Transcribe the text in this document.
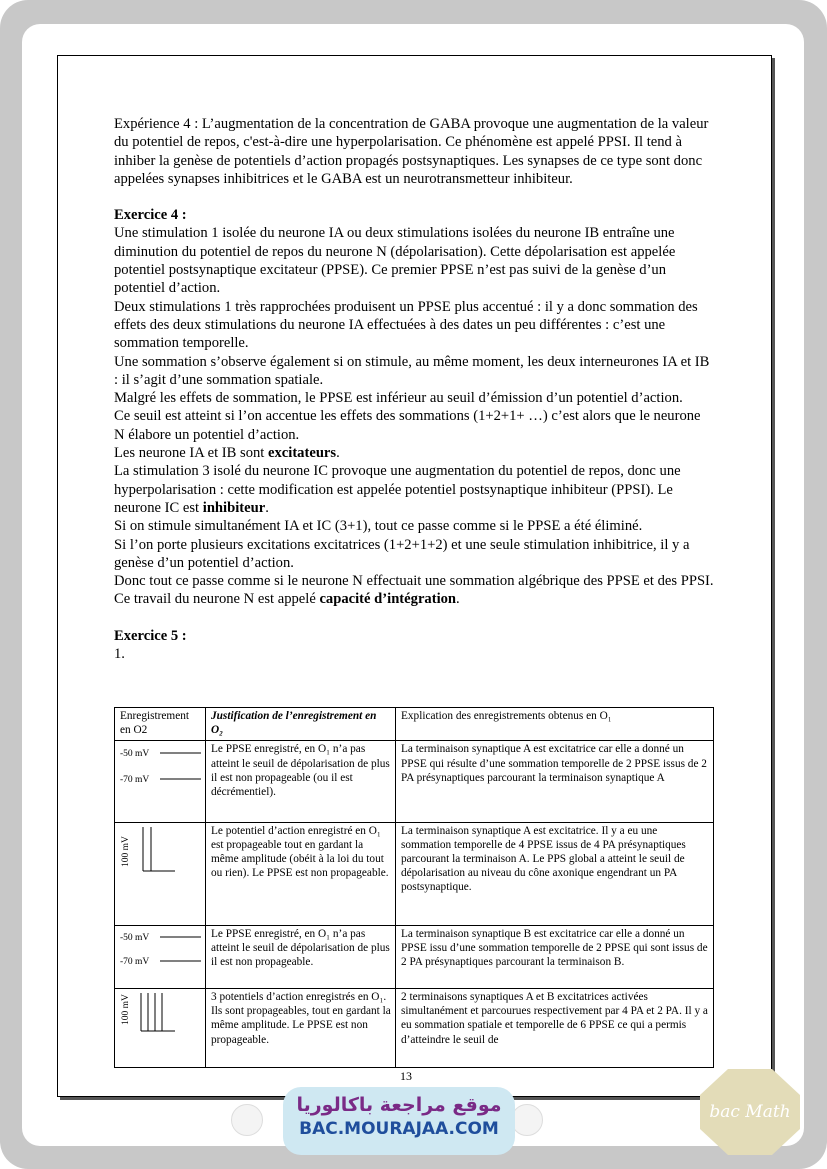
Expérience 4 : L’augmentation de la concentration de GABA provoque une augmentation de la valeur du potentiel de repos, c'est-à-dire une hyperpolarisation. Ce phénomène est appelé PPSI. Il tend à inhiber la genèse de potentiels d’action propagés postsynaptiques. Les synapses de ce type sont donc appelées synapses inhibitrices et le GABA est un neurotransmetteur inhibiteur.

Exercice 4 :

Une stimulation 1 isolée du neurone IA ou deux stimulations isolées du neurone IB entraîne une diminution du potentiel de repos du neurone N (dépolarisation). Cette dépolarisation est appelée potentiel postsynaptique excitateur (PPSE). Ce premier PPSE n’est pas suivi de la genèse d’un potentiel d’action.

Deux stimulations 1 très rapprochées produisent un PPSE plus accentué : il y a donc sommation des effets des deux stimulations du neurone IA effectuées à des dates un peu différentes : c’est une sommation temporelle.

Une sommation s’observe également si on stimule, au même moment, les deux interneurones IA et IB : il s’agit d’une sommation spatiale.

Malgré les effets de sommation, le PPSE est inférieur au seuil d’émission d’un potentiel d’action.

Ce seuil est atteint si l’on accentue les effets des sommations (1+2+1+ …) c’est alors que le neurone N élabore un potentiel d’action.

Les neurone IA et IB sont excitateurs.

La stimulation 3 isolé du neurone IC provoque une augmentation du potentiel de repos, donc une hyperpolarisation : cette modification est appelée potentiel postsynaptique inhibiteur (PPSI). Le neurone IC est inhibiteur.

Si on stimule simultanément IA et IC (3+1), tout ce passe comme si le PPSE a été éliminé.

Si l’on porte plusieurs excitations excitatrices (1+2+1+2) et une seule stimulation inhibitrice, il y a genèse d’un potentiel d’action.

Donc tout ce passe comme si le neurone N effectuait une sommation algébrique des PPSE et des PPSI. Ce travail du neurone N est appelé capacité d’intégration.

Exercice 5 :

1.

Enregistrement en O2	Justification de l’enregistrement en O₂	Explication des enregistrements obtenus en O₁

-50 mV
-70 mV	Le PPSE enregistré, en O₁ n’a pas atteint le seuil de dépolarisation de plus il est non propageable (ou il est décrémentiel).	La terminaison synaptique A est excitatrice car elle a donné un PPSE qui résulte d’une sommation temporelle de 2 PPSE issus de 2 PA présynaptiques parcourant la terminaison synaptique A

100 mV	Le potentiel d’action enregistré en O₁ est propageable tout en gardant la même amplitude (obéit à la loi du tout ou rien). Le PPSE est non propageable.	La terminaison synaptique A est excitatrice. Il y a eu une sommation temporelle de 4 PPSE issus de 4 PA présynaptiques parcourant la terminaison A. Le PPS global a atteint le seuil de dépolarisation au niveau du cône axonique engendrant un PA postsynaptique.

-50 mV
-70 mV	Le PPSE enregistré, en O₁ n’a pas atteint le seuil de dépolarisation de plus il est non propageable.	La terminaison synaptique B est excitatrice car elle a donné un PPSE issu d’une sommation temporelle de 2 PPSE qui sont issus de 2 PA présynaptiques parcourant la terminaison B.

100 mV	3 potentiels d’action enregistrés en O₁. Ils sont propageables, tout en gardant la même amplitude. Le PPSE est non propageable.	2 terminaisons synaptiques A et B excitatrices activées simultanément et parcourues respectivement par 4 PA et 2 PA. Il y a eu sommation spatiale et temporelle de 6 PPSE ce qui a permis d’atteindre le seuil de
13
موقع مراجعة باكالوريا
BAC.MOURAJAA.COM
bac Math
